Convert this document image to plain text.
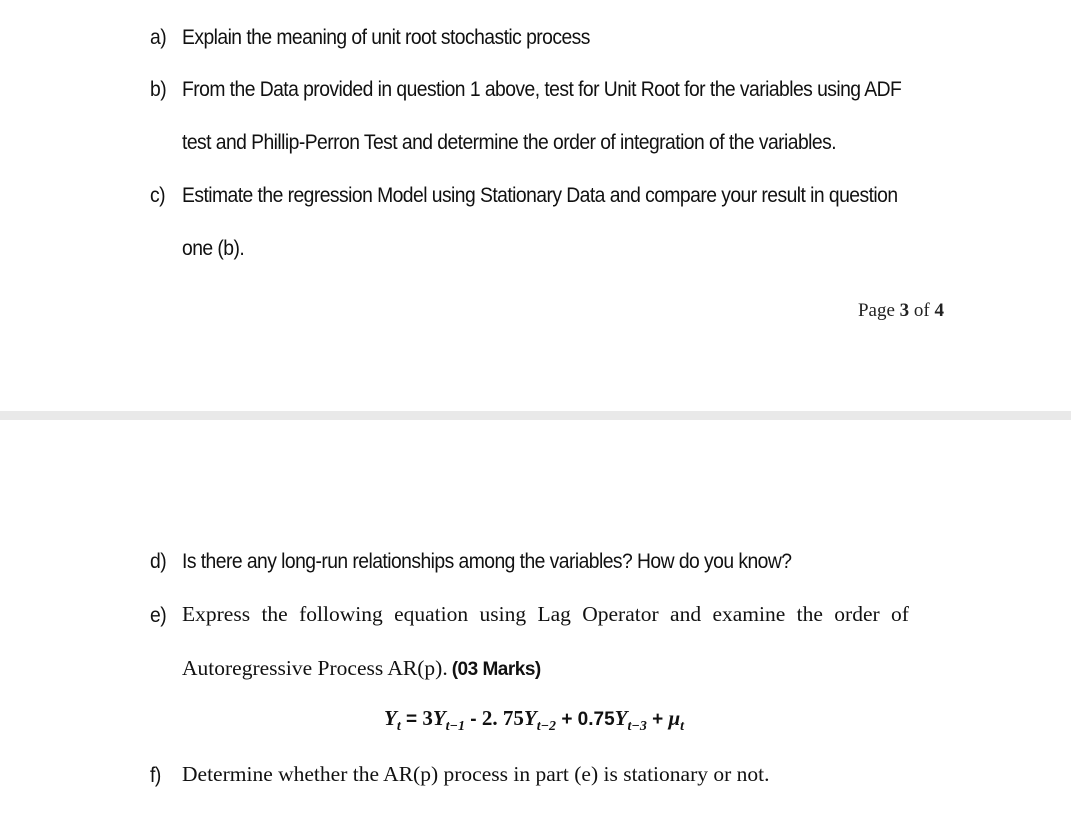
a) Explain the meaning of unit root stochastic process
b) From the Data provided in question 1 above, test for Unit Root for the variables using ADF
test and Phillip-Perron Test and determine the order of integration of the variables.
c) Estimate the regression Model using Stationary Data and compare your result in question
one (b).
Page 3 of 4
d) Is there any long-run relationships among the variables? How do you know?
e) Express the following equation using Lag Operator and examine the order of
Autoregressive Process AR(p). (03 Marks)
$Y_t = 3Y_{t-1} - 2$. $75Y_{t-2} + 0.75Y_{t-3} + \mu_t$
f) Determine whether the AR(p) process in part (e) is stationary or not.
